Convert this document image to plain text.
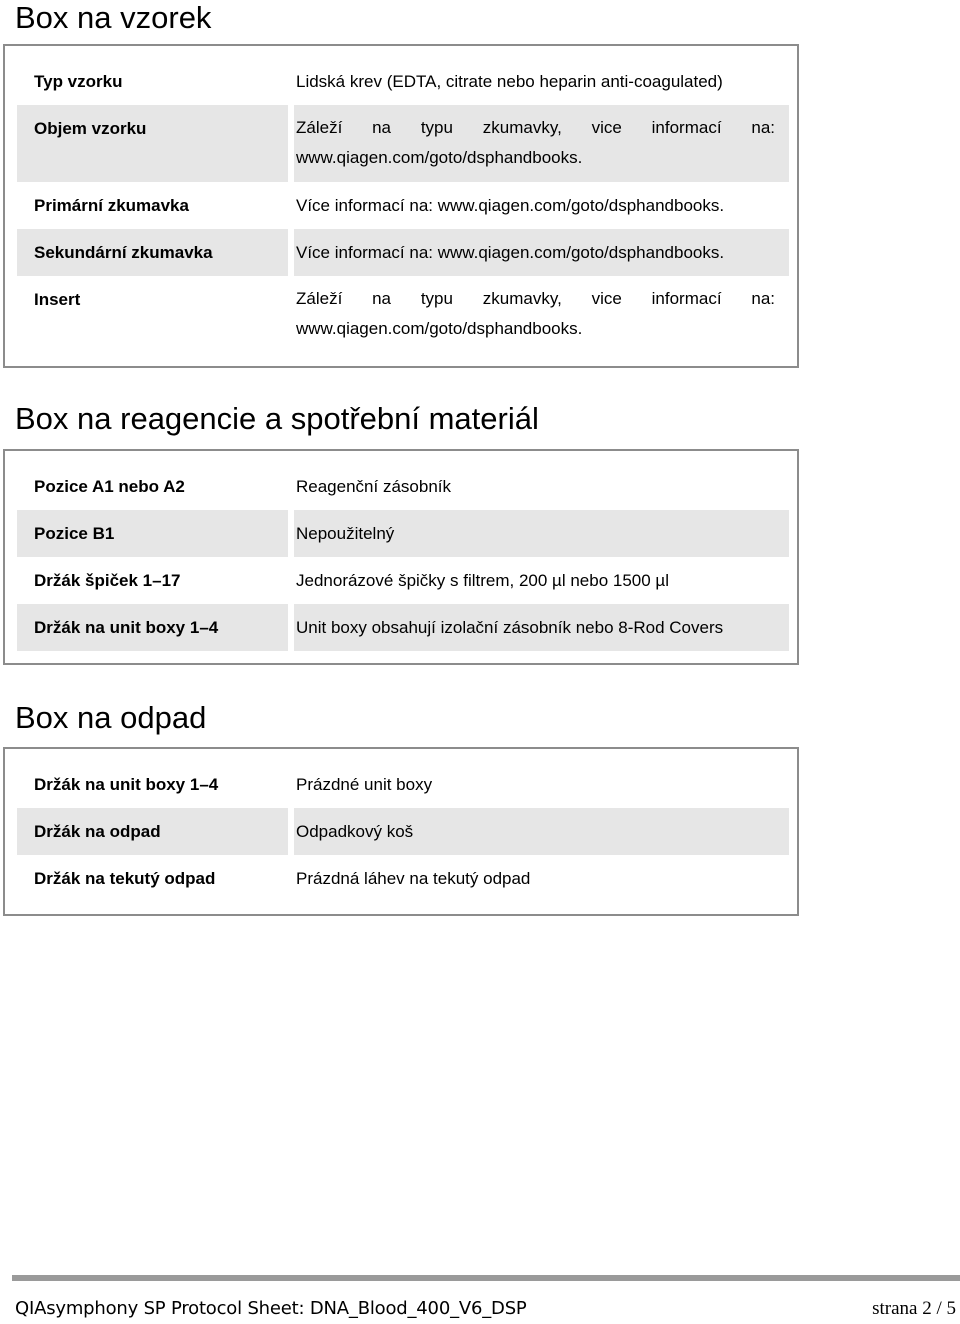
Box na vzorek
Typ vzorku	Lidská krev (EDTA, citrate nebo heparin anti-coagulated)
Objem vzorku	Záleží na typu zkumavky, vice informací na:
www.qiagen.com/goto/dsphandbooks.
Primární zkumavka	Více informací na: www.qiagen.com/goto/dsphandbooks.
Sekundární zkumavka	Více informací na: www.qiagen.com/goto/dsphandbooks.
Insert	Záleží na typu zkumavky, vice informací na:
www.qiagen.com/goto/dsphandbooks.
Box na reagencie a spotřební materiál
Pozice A1 nebo A2	Reagenční zásobník
Pozice B1	Nepoužitelný
Držák špiček 1–17	Jednorázové špičky s filtrem, 200 µl nebo 1500 µl
Držák na unit boxy 1–4	Unit boxy obsahují izolační zásobník nebo 8-Rod Covers
Box na odpad
Držák na unit boxy 1–4	Prázdné unit boxy
Držák na odpad	Odpadkový koš
Držák na tekutý odpad	Prázdná láhev na tekutý odpad
QIAsymphony SP Protocol Sheet: DNA_Blood_400_V6_DSP	strana 2 / 5
